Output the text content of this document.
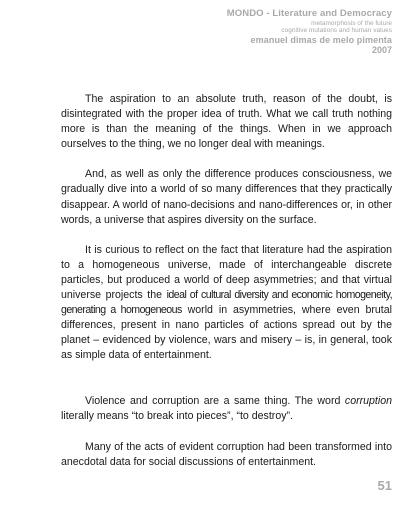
MONDO - Literature and Democracy
metamorphosis of the future
cognitive mutations and human values
emanuel dimas de melo pimenta
2007

The aspiration to an absolute truth, reason of the doubt, is disintegrated with the proper idea of truth. What we call truth nothing more is than the meaning of the things. When in we approach ourselves to the thing, we no longer deal with meanings.

And, as well as only the difference produces consciousness, we gradually dive into a world of so many differences that they practically disappear. A world of nano-decisions and nano-differences or, in other words, a universe that aspires diversity on the surface.

It is curious to reflect on the fact that literature had the aspiration to a homogeneous universe, made of interchangeable discrete particles, but produced a world of deep asymmetries; and that virtual universe projects the ideal of cultural diversity and economic homogeneity, generating a homogeneous world in asymmetries, where even brutal differences, present in nano particles of actions spread out by the planet – evidenced by violence, wars and misery – is, in general, took as simple data of entertainment.

Violence and corruption are a same thing. The word corruption literally means “to break into pieces”, “to destroy”.

Many of the acts of evident corruption had been transformed into anecdotal data for social discussions of entertainment.

51
